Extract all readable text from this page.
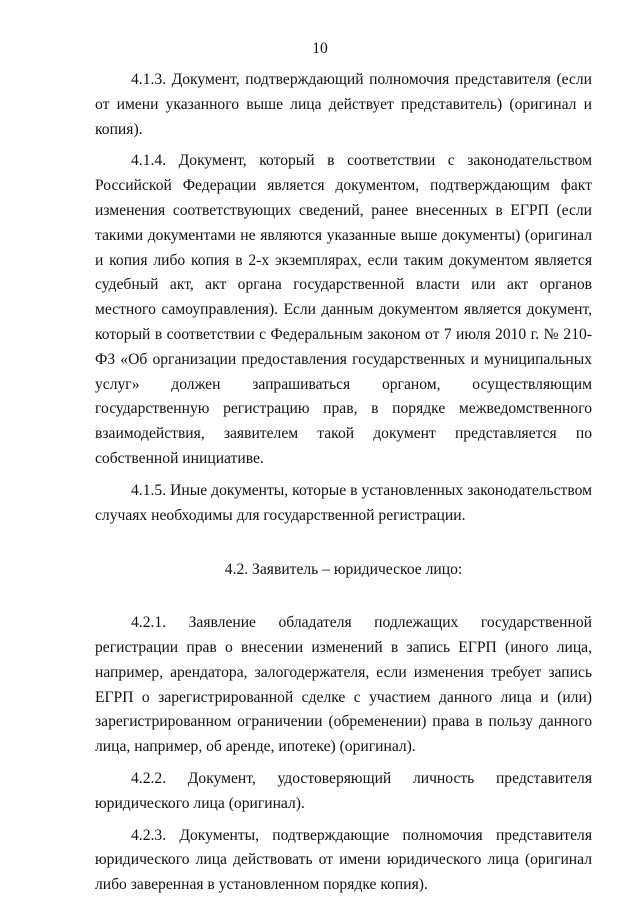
10

4.1.3. Документ, подтверждающий полномочия представителя (если от имени указанного выше лица действует представитель) (оригинал и копия).

4.1.4. Документ, который в соответствии с законодательством Российской Федерации является документом, подтверждающим факт изменения соответствующих сведений, ранее внесенных в ЕГРП (если такими документами не являются указанные выше документы) (оригинал и копия либо копия в 2-х экземплярах, если таким документом является судебный акт, акт органа государственной власти или акт органов местного самоуправления). Если данным документом является документ, который в соответствии с Федеральным законом от 7 июля 2010 г. № 210-ФЗ «Об организации предоставления государственных и муниципальных услуг» должен запрашиваться органом, осуществляющим государственную регистрацию прав, в порядке межведомственного взаимодействия, заявителем такой документ представляется по собственной инициативе.

4.1.5. Иные документы, которые в установленных законодательством случаях необходимы для государственной регистрации.

4.2. Заявитель – юридическое лицо:

4.2.1. Заявление обладателя подлежащих государственной регистрации прав о внесении изменений в запись ЕГРП (иного лица, например, арендатора, залогодержателя, если изменения требует запись ЕГРП о зарегистрированной сделке с участием данного лица и (или) зарегистрированном ограничении (обременении) права в пользу данного лица, например, об аренде, ипотеке) (оригинал).

4.2.2. Документ, удостоверяющий личность представителя юридического лица (оригинал).

4.2.3. Документы, подтверждающие полномочия представителя юридического лица действовать от имени юридического лица (оригинал либо заверенная в установленном порядке копия).
